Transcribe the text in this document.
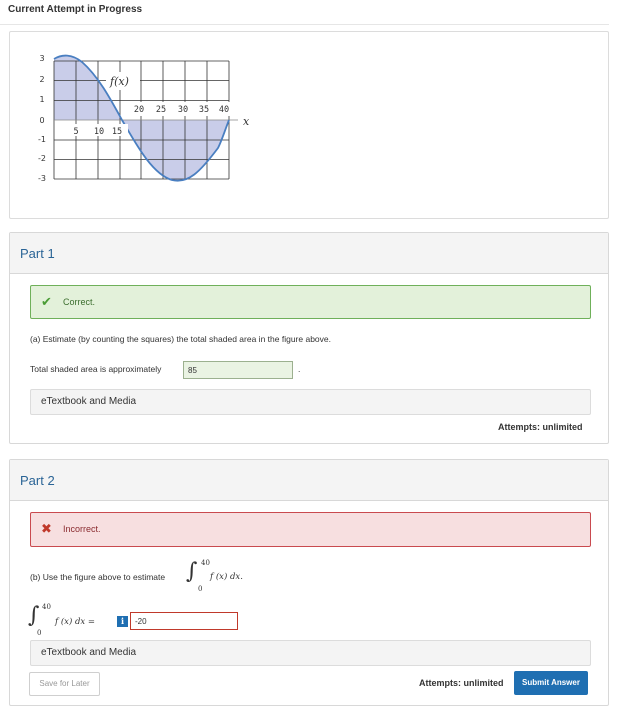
Current Attempt in Progress
3
2
1
0
-1
-2
-3
5 10 15
20 25 30 35 40
f(x)
x
Part 1
✔ Correct.
(a) Estimate (by counting the squares) the total shaded area in the figure above.
Total shaded area is approximately	85	.
eTextbook and Media
Attempts: unlimited
Part 2
✖ Incorrect.
(b) Use the figure above to estimate ∫ 40
0
f (x) dx.
∫ 40
0
f (x) dx =	i	-20
eTextbook and Media
Save for Later	Attempts: unlimited	Submit Answer
